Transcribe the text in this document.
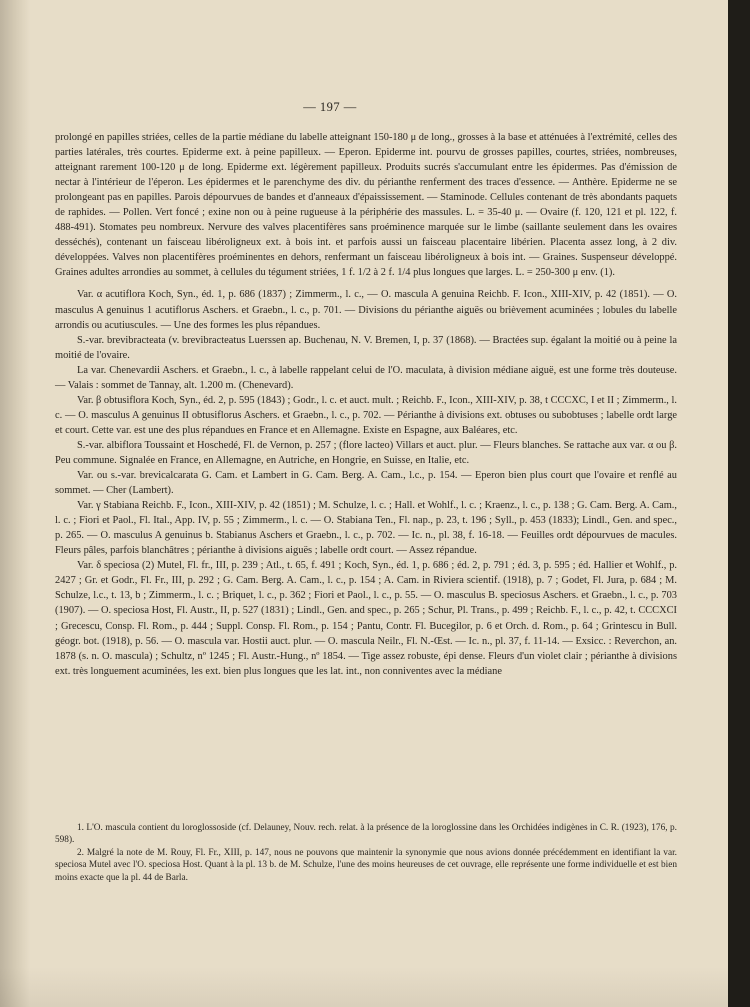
— 197 —

prolongé en papilles striées, celles de la partie médiane du labelle atteignant 150-180 μ de long., grosses à la base et atténuées à l'extrémité, celles des parties latérales, très courtes. Epiderme ext. à peine papilleux. — Eperon. Epiderme int. pourvu de grosses papilles, courtes, striées, nombreuses, atteignant rarement 100-120 μ de long. Epiderme ext. légèrement papilleux. Produits sucrés s'accumulant entre les épidermes. Pas d'émission de nectar à l'intérieur de l'éperon. Les épidermes et le parenchyme des div. du périanthe renferment des traces d'essence. — Anthère. Epiderme ne se prolongeant pas en papilles. Parois dépourvues de bandes et d'anneaux d'épaississement. — Staminode. Cellules contenant de très abondants paquets de raphides. — Pollen. Vert foncé ; exine non ou à peine rugueuse à la périphérie des massules. L. = 35-40 μ. — Ovaire (f. 120, 121 et pl. 122, f. 488-491). Stomates peu nombreux. Nervure des valves placentifères sans proéminence marquée sur le limbe (saillante seulement dans les ovaires desséchés), contenant un faisceau libéroligneux ext. à bois int. et parfois aussi un faisceau placentaire libérien. Placenta assez long, à 2 div. développées. Valves non placentifères proéminentes en dehors, renfermant un faisceau libéroligneux à bois int. — Graines. Suspenseur développé. Graines adultes arrondies au sommet, à cellules du tégument striées, 1 f. 1/2 à 2 f. 1/4 plus longues que larges. L. = 250-300 μ env. (1).

Var. α acutiflora Koch, Syn., éd. 1, p. 686 (1837) ; Zimmerm., l. c., — O. mascula A genuina Reichb. F. Icon., XIII-XIV, p. 42 (1851). — O. masculus A genuinus 1 acutiflorus Aschers. et Graebn., l. c., p. 701. — Divisions du périanthe aiguës ou brièvement acuminées ; lobules du labelle arrondis ou acutiuscules. — Une des formes les plus répandues.

S.-var. brevibracteata (v. brevibracteatus Luerssen ap. Buchenau, N. V. Bremen, I, p. 37 (1868). — Bractées sup. égalant la moitié ou à peine la moitié de l'ovaire.

La var. Chenevardii Aschers. et Graebn., l. c., à labelle rappelant celui de l'O. maculata, à division médiane aiguë, est une forme très douteuse. — Valais : sommet de Tannay, alt. 1.200 m. (Chenevard).

Var. β obtusiflora Koch, Syn., éd. 2, p. 595 (1843) ; Godr., l. c. et auct. mult. ; Reichb. F., Icon., XIII-XIV, p. 38, t CCCXC, I et II ; Zimmerm., l. c. — O. masculus A genuinus II obtusiflorus Aschers. et Graebn., l. c., p. 702. — Périanthe à divisions ext. obtuses ou subobtuses ; labelle ordt large et court. Cette var. est une des plus répandues en France et en Allemagne. Existe en Espagne, aux Baléares, etc.

S.-var. albiflora Toussaint et Hoschedé, Fl. de Vernon, p. 257 ; (flore lacteo) Villars et auct. plur. — Fleurs blanches. Se rattache aux var. α ou β. Peu commune. Signalée en France, en Allemagne, en Autriche, en Hongrie, en Suisse, en Italie, etc.

Var. ou s.-var. brevicalcarata G. Cam. et Lambert in G. Cam. Berg. A. Cam., l.c., p. 154. — Eperon bien plus court que l'ovaire et renflé au sommet. — Cher (Lambert).

Var. γ Stabiana Reichb. F., Icon., XIII-XIV, p. 42 (1851) ; M. Schulze, l. c. ; Hall. et Wohlf., l. c. ; Kraenz., l. c., p. 138 ; G. Cam. Berg. A. Cam., l. c. ; Fiori et Paol., Fl. Ital., App. IV, p. 55 ; Zimmerm., l. c. — O. Stabiana Ten., Fl. nap., p. 23, t. 196 ; Syll., p. 453 (1833); Lindl., Gen. and spec., p. 265. — O. masculus A genuinus b. Stabianus Aschers et Graebn., l. c., p. 702. — Ic. n., pl. 38, f. 16-18. — Feuilles ordt dépourvues de macules. Fleurs pâles, parfois blanchâtres ; périanthe à divisions aiguës ; labelle ordt court. — Assez répandue.

Var. δ speciosa (2) Mutel, Fl. fr., III, p. 239 ; Atl., t. 65, f. 491 ; Koch, Syn., éd. 1, p. 686 ; éd. 2, p. 791 ; éd. 3, p. 595 ; éd. Hallier et Wohlf., p. 2427 ; Gr. et Godr., Fl. Fr., III, p. 292 ; G. Cam. Berg. A. Cam., l. c., p. 154 ; A. Cam. in Riviera scientif. (1918), p. 7 ; Godet, Fl. Jura, p. 684 ; M. Schulze, l.c., t. 13, b ; Zimmerm., l. c. ; Briquet, l. c., p. 362 ; Fiori et Paol., l. c., p. 55. — O. masculus B. speciosus Aschers. et Graebn., l. c., p. 703 (1907). — O. speciosa Host, Fl. Austr., II, p. 527 (1831) ; Lindl., Gen. and spec., p. 265 ; Schur, Pl. Trans., p. 499 ; Reichb. F., l. c., p. 42, t. CCCXCI ; Grecescu, Consp. Fl. Rom., p. 444 ; Suppl. Consp. Fl. Rom., p. 154 ; Pantu, Contr. Fl. Bucegilor, p. 6 et Orch. d. Rom., p. 64 ; Grintescu in Bull. géogr. bot. (1918), p. 56. — O. mascula var. Hostii auct. plur. — O. mascula Neilr., Fl. N.-Œst. — Ic. n., pl. 37, f. 11-14. — Exsicc. : Reverchon, an. 1878 (s. n. O. mascula) ; Schultz, nº 1245 ; Fl. Austr.-Hung., nº 1854. — Tige assez robuste, épi dense. Fleurs d'un violet clair ; périanthe à divisions ext. très longuement acuminées, les ext. bien plus longues que les lat. int., non conniventes avec la médiane

1. L'O. mascula contient du loroglossoside (cf. Delauney, Nouv. rech. relat. à la présence de la loroglossine dans les Orchidées indigènes in C. R. (1923), 176, p. 598).

2. Malgré la note de M. Rouy, Fl. Fr., XIII, p. 147, nous ne pouvons que maintenir la synonymie que nous avions donnée précédemment en identifiant la var. speciosa Mutel avec l'O. speciosa Host. Quant à la pl. 13 b. de M. Schulze, l'une des moins heureuses de cet ouvrage, elle représente une forme individuelle et est bien moins exacte que la pl. 44 de Barla.
